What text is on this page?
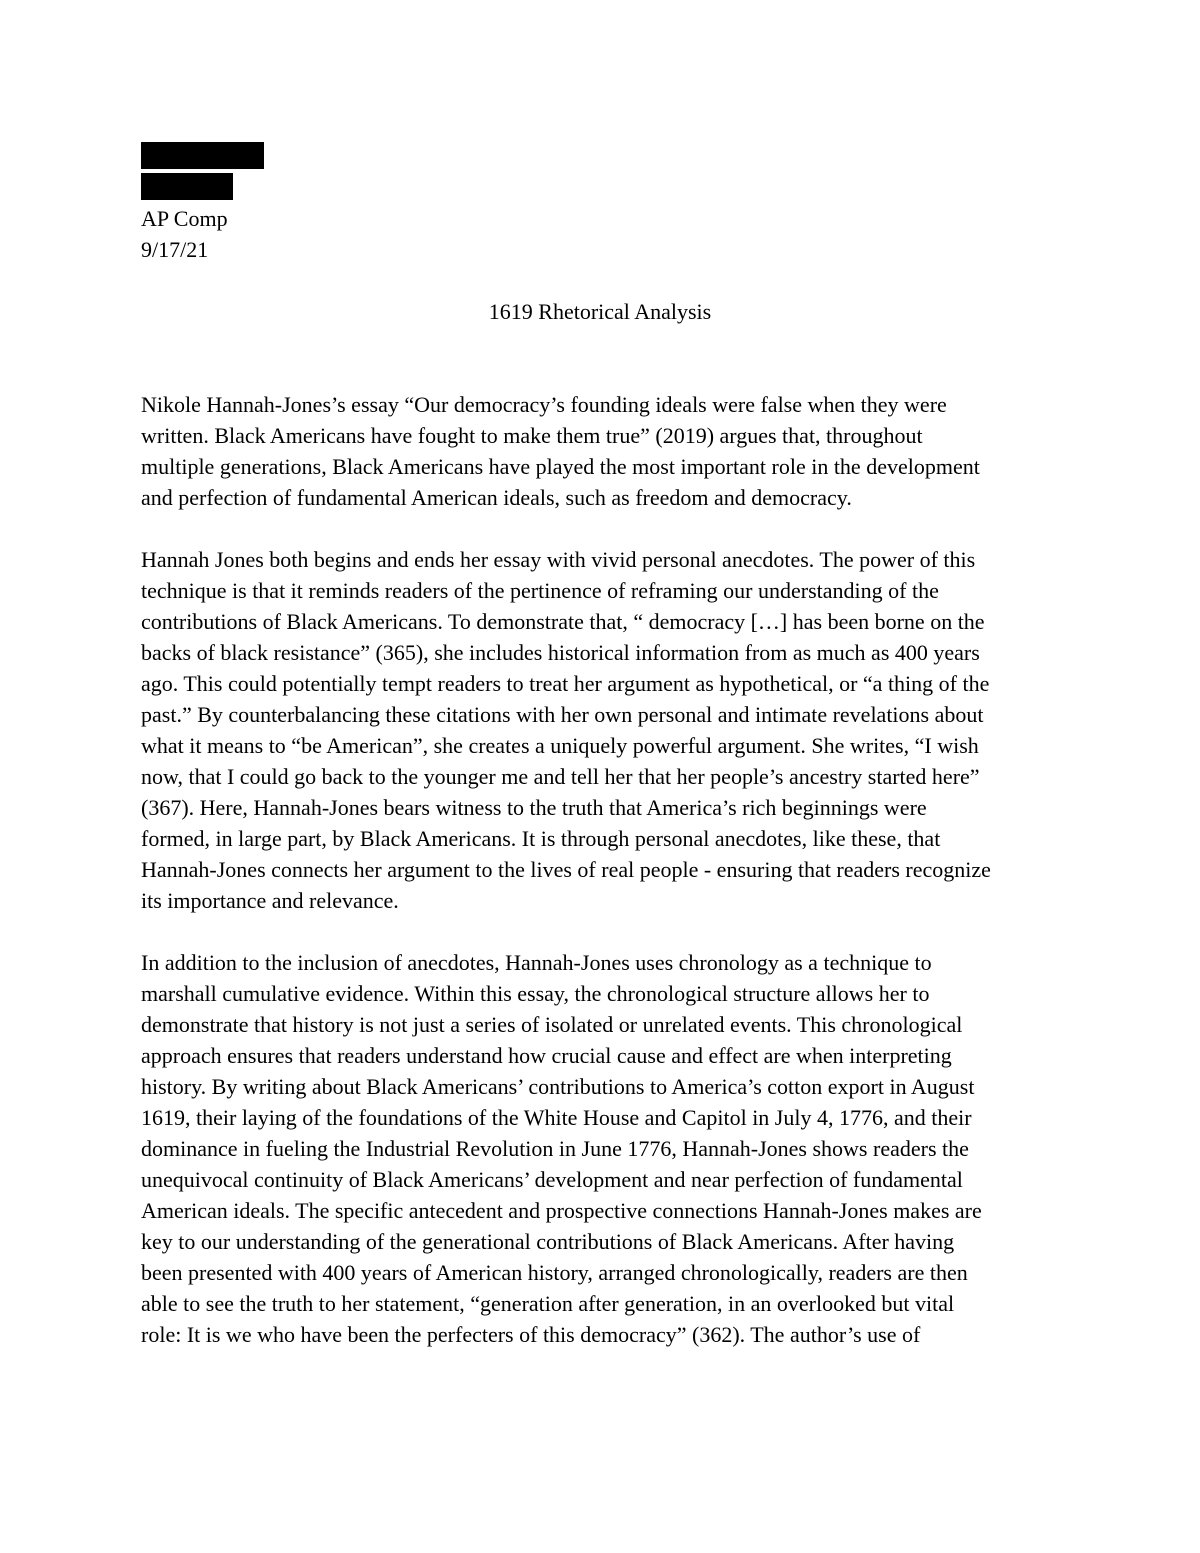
AP Comp
9/17/21
1619 Rhetorical Analysis
Nikole Hannah-Jones’s essay “Our democracy’s founding ideals were false when they were
written. Black Americans have fought to make them true” (2019) argues that, throughout
multiple generations, Black Americans have played the most important role in the development
and perfection of fundamental American ideals, such as freedom and democracy.
Hannah Jones both begins and ends her essay with vivid personal anecdotes. The power of this
technique is that it reminds readers of the pertinence of reframing our understanding of the
contributions of Black Americans. To demonstrate that, “ democracy […] has been borne on the
backs of black resistance” (365), she includes historical information from as much as 400 years
ago. This could potentially tempt readers to treat her argument as hypothetical, or “a thing of the
past.” By counterbalancing these citations with her own personal and intimate revelations about
what it means to “be American”, she creates a uniquely powerful argument. She writes, “I wish
now, that I could go back to the younger me and tell her that her people’s ancestry started here”
(367). Here, Hannah-Jones bears witness to the truth that America’s rich beginnings were
formed, in large part, by Black Americans. It is through personal anecdotes, like these, that
Hannah-Jones connects her argument to the lives of real people - ensuring that readers recognize
its importance and relevance.
In addition to the inclusion of anecdotes, Hannah-Jones uses chronology as a technique to
marshall cumulative evidence. Within this essay, the chronological structure allows her to
demonstrate that history is not just a series of isolated or unrelated events. This chronological
approach ensures that readers understand how crucial cause and effect are when interpreting
history. By writing about Black Americans’ contributions to America’s cotton export in August
1619, their laying of the foundations of the White House and Capitol in July 4, 1776, and their
dominance in fueling the Industrial Revolution in June 1776, Hannah-Jones shows readers the
unequivocal continuity of Black Americans’ development and near perfection of fundamental
American ideals. The specific antecedent and prospective connections Hannah-Jones makes are
key to our understanding of the generational contributions of Black Americans. After having
been presented with 400 years of American history, arranged chronologically, readers are then
able to see the truth to her statement, “generation after generation, in an overlooked but vital
role: It is we who have been the perfecters of this democracy” (362). The author’s use of
